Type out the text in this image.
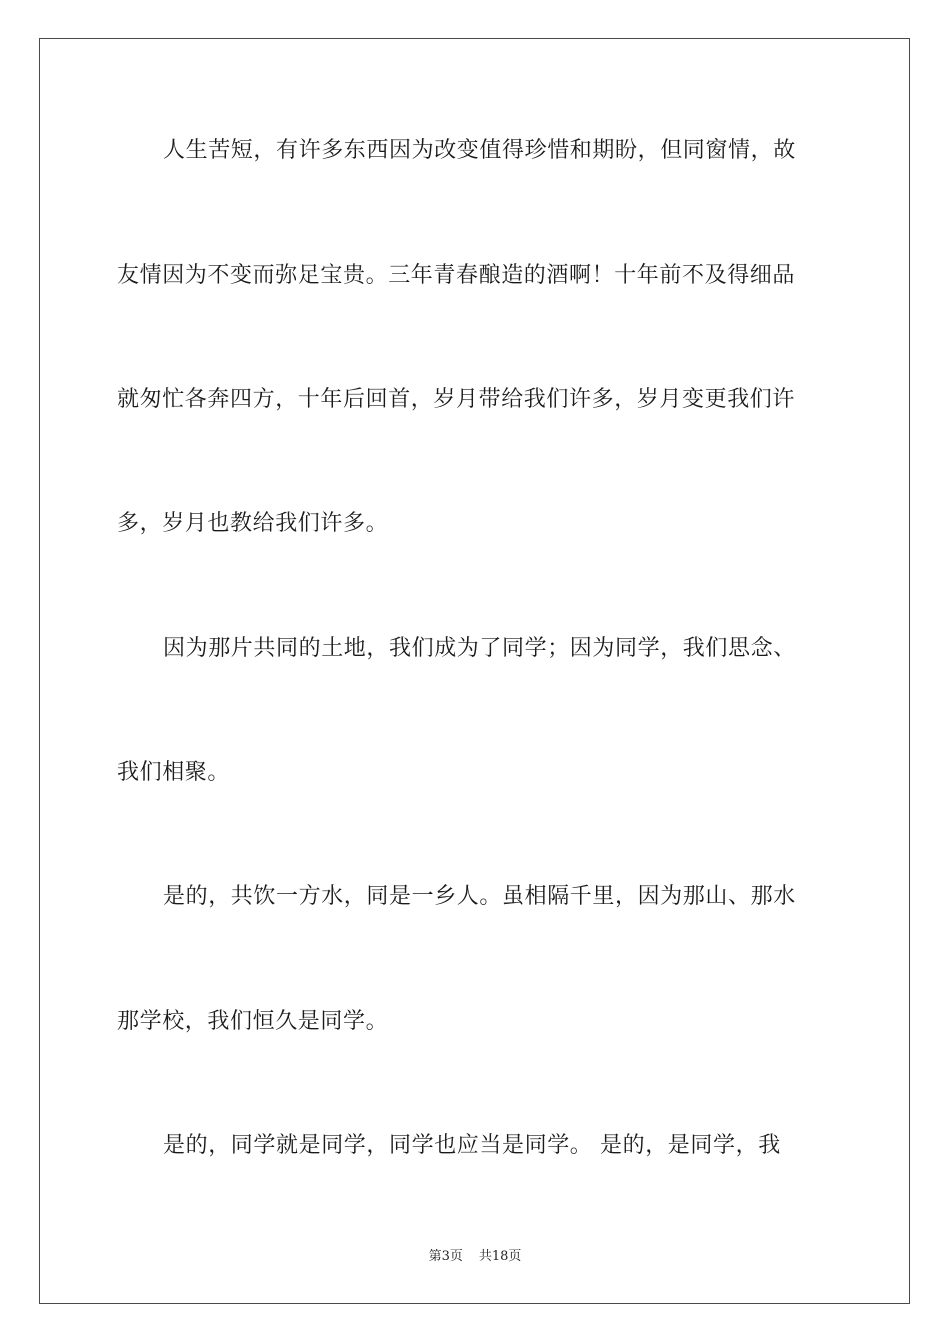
人生苦短，有许多东西因为改变值得珍惜和期盼，但同窗情，故
友情因为不变而弥足宝贵。三年青春酿造的酒啊！十年前不及得细品
就匆忙各奔四方，十年后回首，岁月带给我们许多，岁月变更我们许
多，岁月也教给我们许多。
因为那片共同的土地，我们成为了同学；因为同学，我们思念、
我们相聚。
是的，共饮一方水，同是一乡人。虽相隔千里，因为那山、那水
那学校，我们恒久是同学。
是的，同学就是同学，同学也应当是同学。 是的，是同学，我
第3页 共18页
